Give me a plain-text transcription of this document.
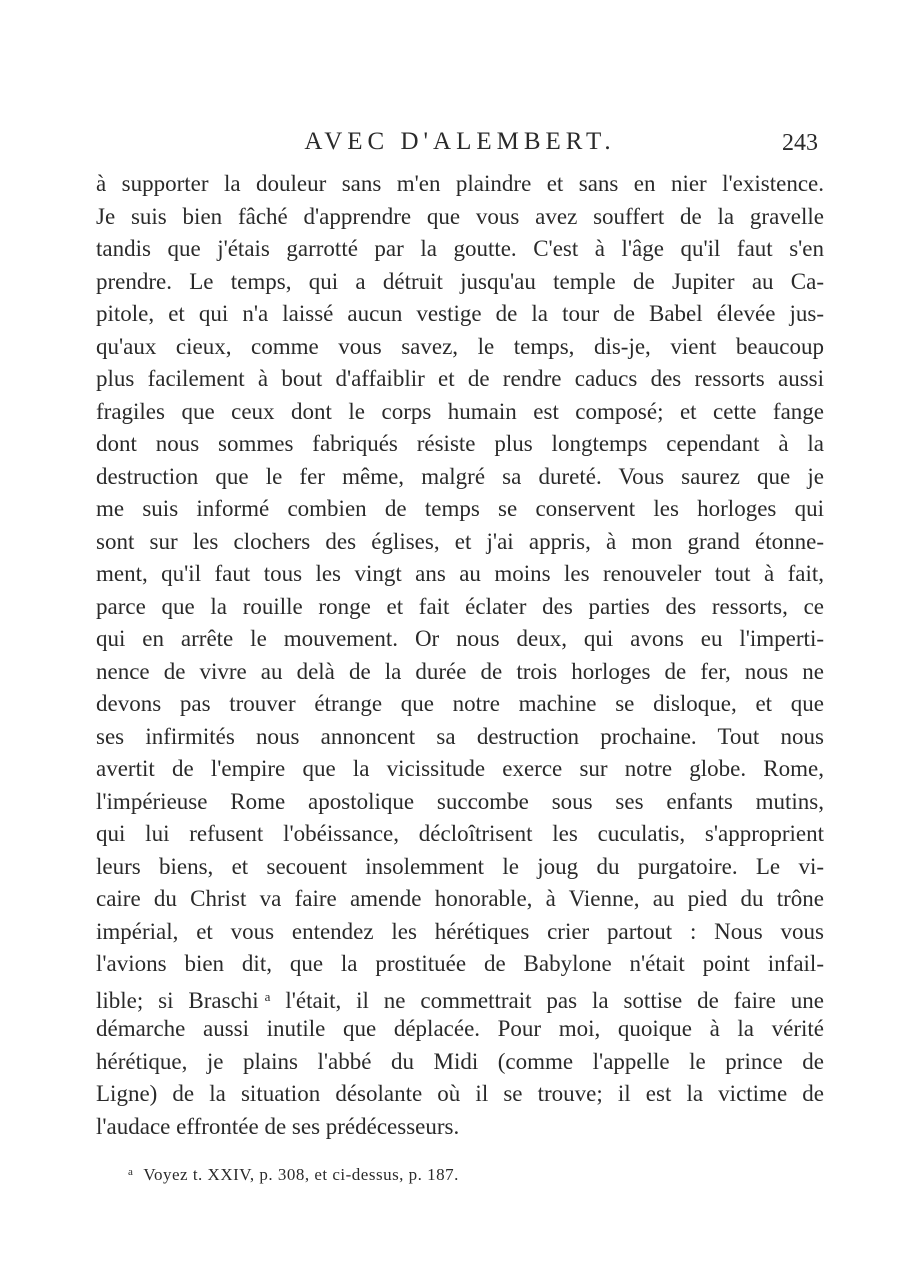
AVEC D'ALEMBERT.	243
à supporter la douleur sans m'en plaindre et sans en nier l'existence.
Je suis bien fâché d'apprendre que vous avez souffert de la gravelle
tandis que j'étais garrotté par la goutte. C'est à l'âge qu'il faut s'en
prendre. Le temps, qui a détruit jusqu'au temple de Jupiter au Ca-
pitole, et qui n'a laissé aucun vestige de la tour de Babel élevée jus-
qu'aux cieux, comme vous savez, le temps, dis-je, vient beaucoup
plus facilement à bout d'affaiblir et de rendre caducs des ressorts aussi
fragiles que ceux dont le corps humain est composé; et cette fange
dont nous sommes fabriqués résiste plus longtemps cependant à la
destruction que le fer même, malgré sa dureté. Vous saurez que je
me suis informé combien de temps se conservent les horloges qui
sont sur les clochers des églises, et j'ai appris, à mon grand étonne-
ment, qu'il faut tous les vingt ans au moins les renouveler tout à fait,
parce que la rouille ronge et fait éclater des parties des ressorts, ce
qui en arrête le mouvement. Or nous deux, qui avons eu l'imperti-
nence de vivre au delà de la durée de trois horloges de fer, nous ne
devons pas trouver étrange que notre machine se disloque, et que
ses infirmités nous annoncent sa destruction prochaine. Tout nous
avertit de l'empire que la vicissitude exerce sur notre globe. Rome,
l'impérieuse Rome apostolique succombe sous ses enfants mutins,
qui lui refusent l'obéissance, décloîtrisent les cuculatis, s'approprient
leurs biens, et secouent insolemment le joug du purgatoire. Le vi-
caire du Christ va faire amende honorable, à Vienne, au pied du trône
impérial, et vous entendez les hérétiques crier partout : Nous vous
l'avions bien dit, que la prostituée de Babylone n'était point infail-
lible; si Braschi $^a$ l'était, il ne commettrait pas la sottise de faire une
démarche aussi inutile que déplacée. Pour moi, quoique à la vérité
hérétique, je plains l'abbé du Midi (comme l'appelle le prince de
Ligne) de la situation désolante où il se trouve; il est la victime de
l'audace effrontée de ses prédécesseurs.
$^a$ Voyez t. XXIV, p. 308, et ci-dessus, p. 187.
